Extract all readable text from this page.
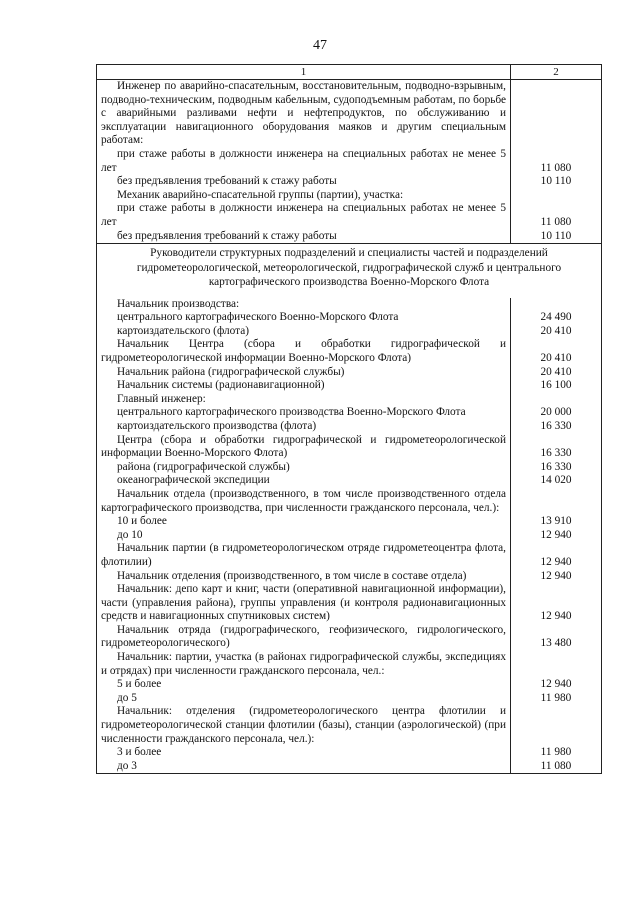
47
1	2
Инженер по аварийно-спасательным, восстановительным, подводно-взрывным, подводно-техническим, подводным кабельным, судоподъемным работам, по борьбе с аварийными разливами нефти и нефтепродуктов, по обслуживанию и эксплуатации навигационного оборудования маяков и другим специальным работам:
при стаже работы в должности инженера на специальных работах не менее 5 лет	11 080
без предъявления требований к стажу работы	10 110
Механик аварийно-спасательной группы (партии), участка:
при стаже работы в должности инженера на специальных работах не менее 5 лет	11 080
без предъявления требований к стажу работы	10 110
Руководители структурных подразделений и специалисты частей и подразделений гидрометеорологической, метеорологической, гидрографической служб и центрального картографического производства Военно-Морского Флота
Начальник производства:
центрального картографического Военно-Морского Флота	24 490
картоиздательского (флота)	20 410
Начальник Центра (сбора и обработки гидрографической и гидрометеорологической информации Военно-Морского Флота)	20 410
Начальник района (гидрографической службы)	20 410
Начальник системы (радионавигационной)	16 100
Главный инженер:
центрального картографического производства Военно-Морского Флота	20 000
картоиздательского производства (флота)	16 330
Центра (сбора и обработки гидрографической и гидрометеорологической информации Военно-Морского Флота)	16 330
района (гидрографической службы)	16 330
океанографической экспедиции	14 020
Начальник отдела (производственного, в том числе производственного отдела картографического производства, при численности гражданского персонала, чел.):
10 и более	13 910
до 10	12 940
Начальник партии (в гидрометеорологическом отряде гидрометеоцентра флота, флотилии)	12 940
Начальник отделения (производственного, в том числе в составе отдела)	12 940
Начальник: депо карт и книг, части (оперативной навигационной информации), части (управления района), группы управления (и контроля радионавигационных средств и навигационных спутниковых систем)	12 940
Начальник отряда (гидрографического, геофизического, гидрологического, гидрометеорологического)	13 480
Начальник: партии, участка (в районах гидрографической службы, экспедициях и отрядах) при численности гражданского персонала, чел.:
5 и более	12 940
до 5	11 980
Начальник: отделения (гидрометеорологического центра флотилии и гидрометеорологической станции флотилии (базы), станции (аэрологической) (при численности гражданского персонала, чел.):
3 и более	11 980
до 3	11 080
